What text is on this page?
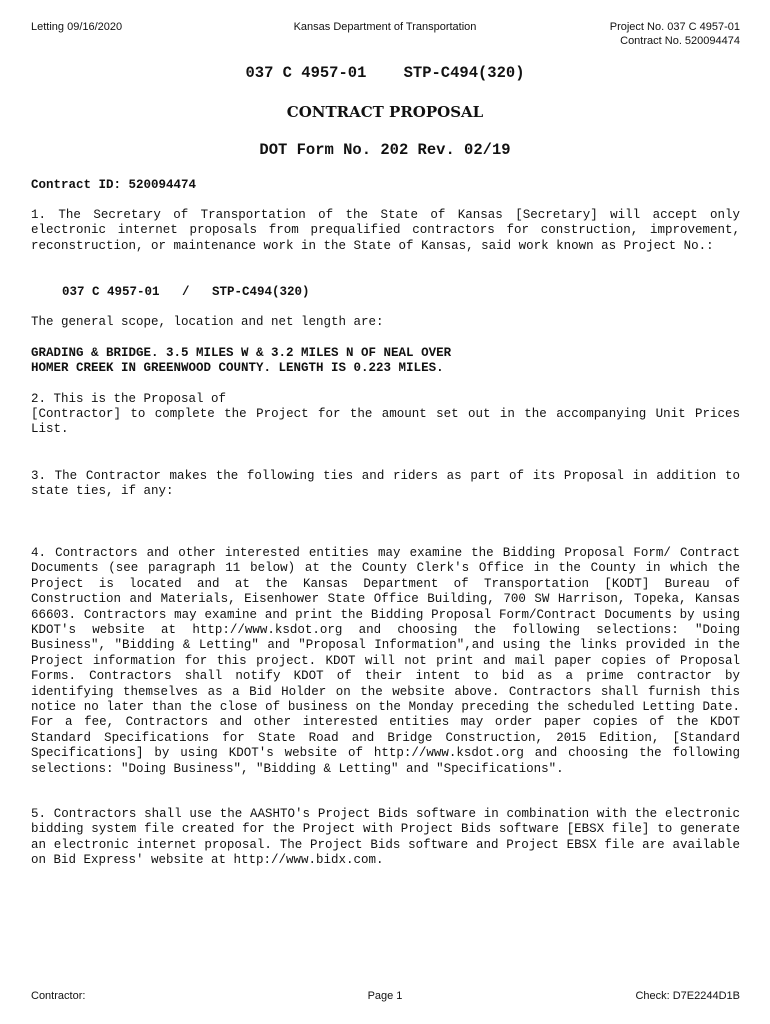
Letting 09/16/2020	Kansas Department of Transportation	Project No. 037 C 4957-01
Contract No. 520094474
037 C 4957-01    STP-C494(320)
CONTRACT PROPOSAL
DOT Form No. 202 Rev. 02/19
Contract ID: 520094474
1. The Secretary of Transportation of the State of Kansas [Secretary] will accept only electronic internet proposals from prequalified contractors for construction, improvement, reconstruction, or maintenance work in the State of Kansas, said work known as Project No.:
037 C 4957-01   /   STP-C494(320)
The general scope, location and net length are:
GRADING & BRIDGE. 3.5 MILES W & 3.2 MILES N OF NEAL OVER
HOMER CREEK IN GREENWOOD COUNTY. LENGTH IS 0.223 MILES.
2. This is the Proposal of
[Contractor] to complete the Project for the amount set out in the accompanying Unit Prices List.
3. The Contractor makes the following ties and riders as part of its Proposal in addition to state ties, if any:
4. Contractors and other interested entities may examine the Bidding Proposal Form/ Contract Documents (see paragraph 11 below) at the County Clerk's Office in the County in which the Project is located and at the Kansas Department of Transportation [KODT] Bureau of Construction and Materials, Eisenhower State Office Building, 700 SW Harrison, Topeka, Kansas 66603. Contractors may examine and print the Bidding Proposal Form/Contract Documents by using KDOT's website at http://www.ksdot.org and choosing the following selections: "Doing Business", "Bidding & Letting" and "Proposal Information",and using the links provided in the Project information for this project. KDOT will not print and mail paper copies of Proposal Forms. Contractors shall notify KDOT of their intent to bid as a prime contractor by identifying themselves as a Bid Holder on the website above. Contractors shall furnish this notice no later than the close of business on the Monday preceding the scheduled Letting Date. For a fee, Contractors and other interested entities may order paper copies of the KDOT Standard Specifications for State Road and Bridge Construction, 2015 Edition, [Standard Specifications] by using KDOT's website of http://www.ksdot.org and choosing the following selections: "Doing Business", "Bidding & Letting" and "Specifications".
5. Contractors shall use the AASHTO's Project Bids software in combination with the electronic bidding system file created for the Project with Project Bids software [EBSX file] to generate an electronic internet proposal. The Project Bids software and Project EBSX file are available on Bid Express' website at http://www.bidx.com.
Contractor:	Page 1	Check: D7E2244D1B
